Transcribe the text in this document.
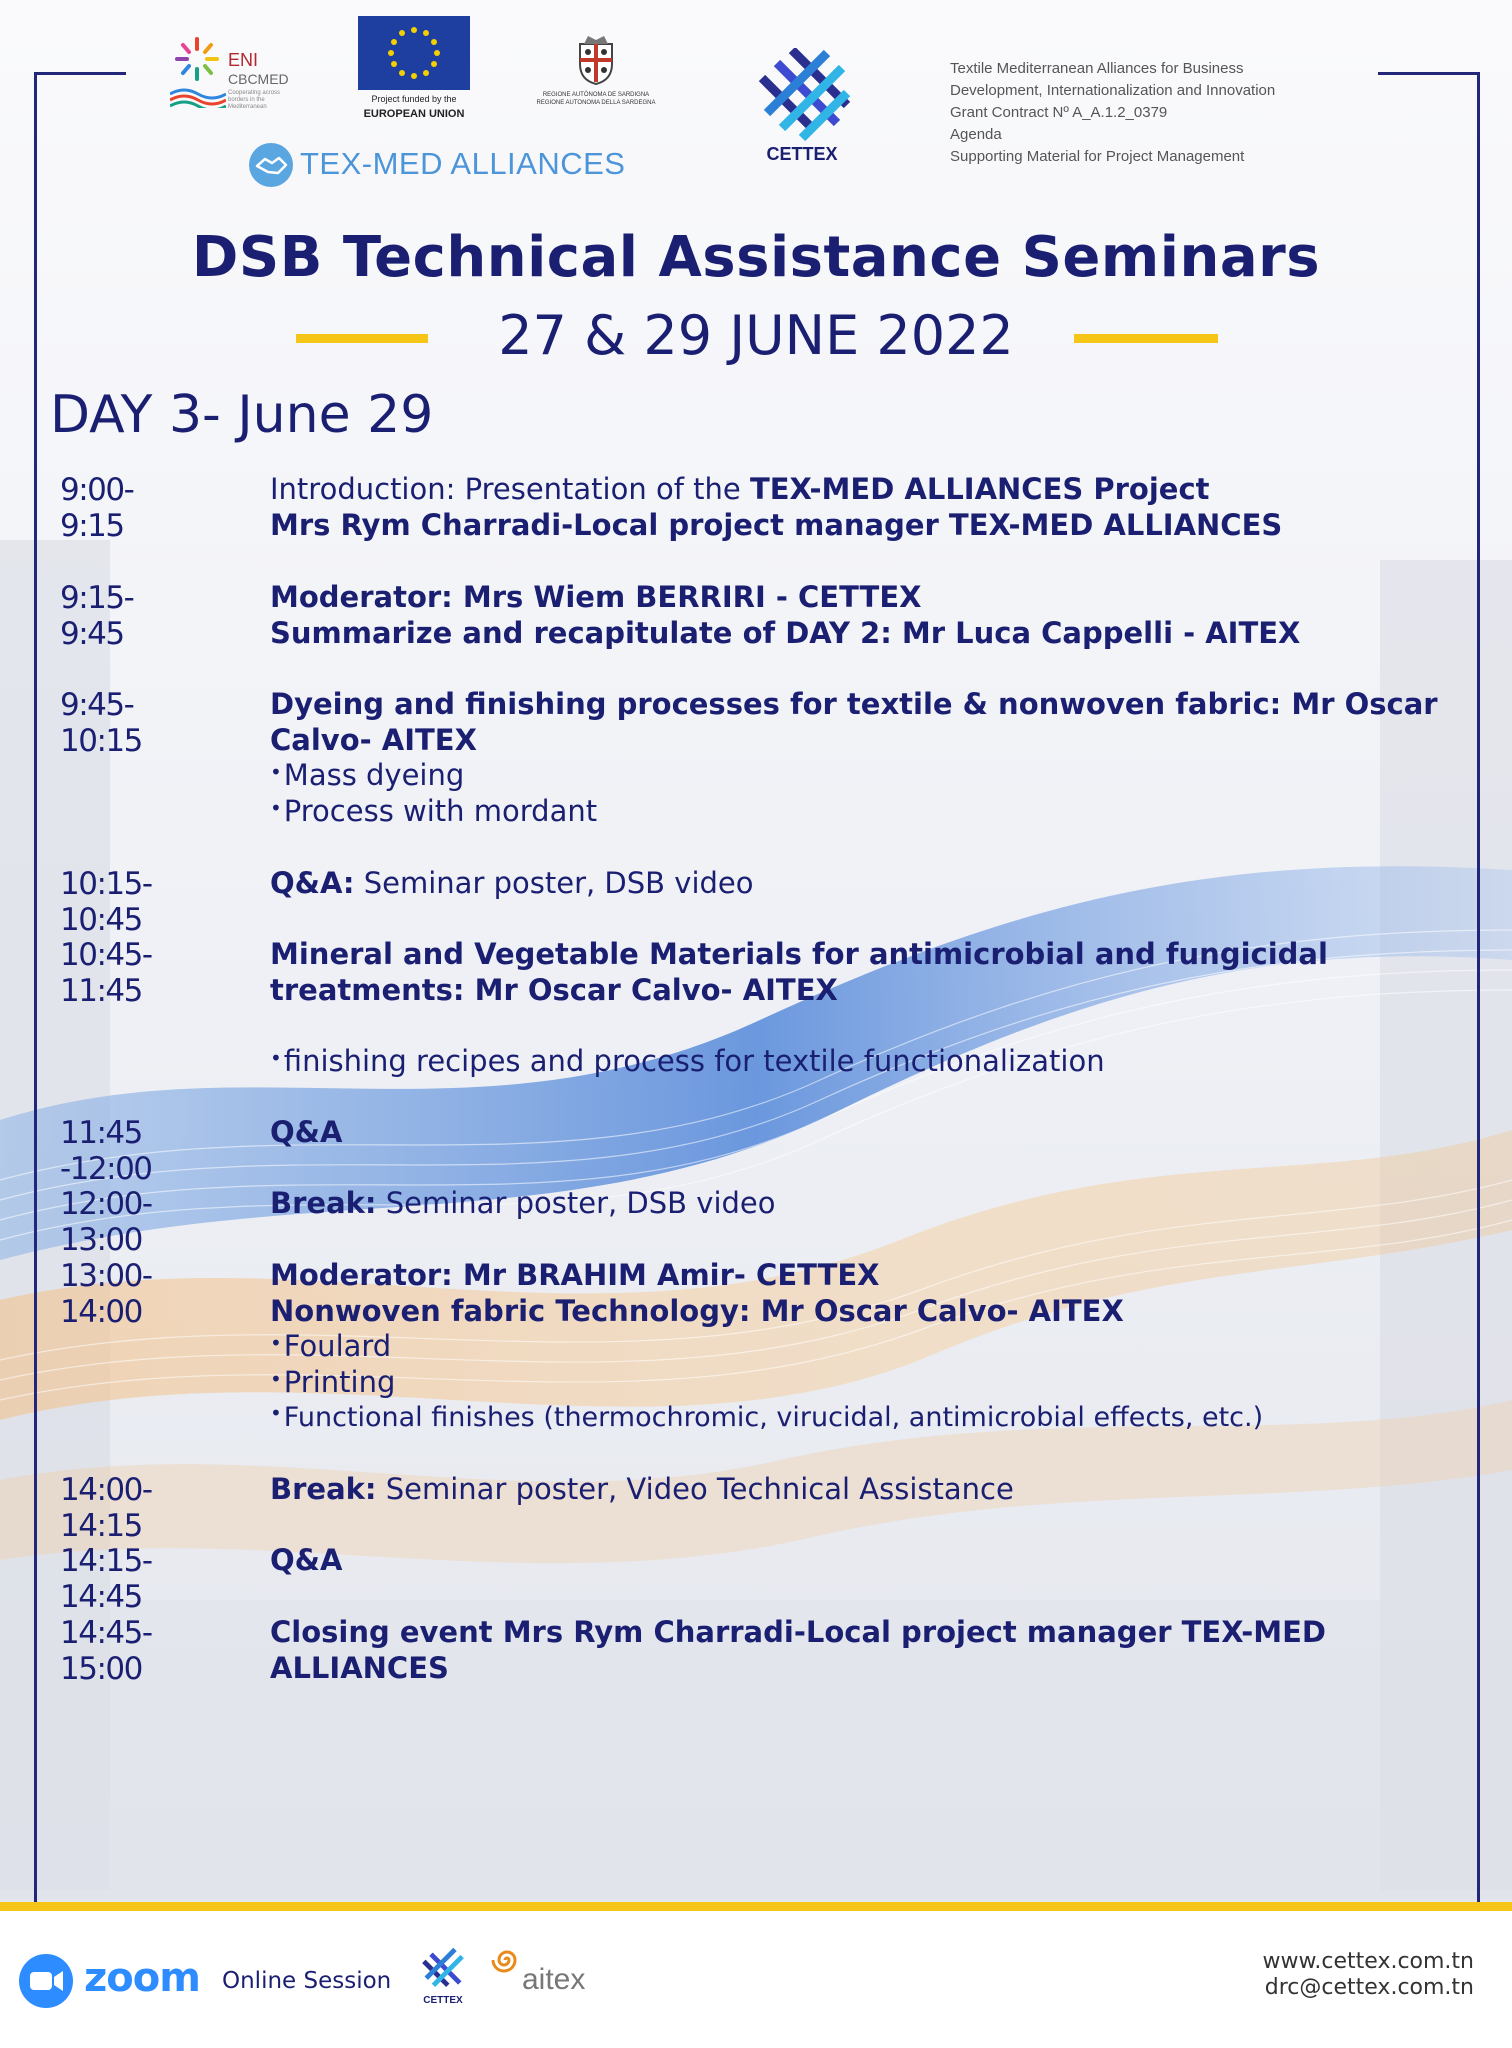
ENI
CBCMED
Cooperating across borders in the Mediterranean
Project funded by the
EUROPEAN UNION
REGIONE AUTÒNOMA DE SARDIGNA
REGIONE AUTONOMA DELLA SARDEGNA
TEX-MED ALLIANCES	CETTEX
Textile Mediterranean Alliances for Business
Development, Internationalization and Innovation
Grant Contract Nº A_A.1.2_0379
Agenda
Supporting Material for Project Management
DSB Technical Assistance Seminars
27 & 29 JUNE 2022
DAY 3- June 29
9:00-9:15
Introduction: Presentation of the TEX-MED ALLIANCES Project
Mrs Rym Charradi-Local project manager TEX-MED ALLIANCES
9:15-9:45
Moderator: Mrs Wiem BERRIRI - CETTEX
Summarize and recapitulate of DAY 2: Mr Luca Cappelli - AITEX
9:45-10:15
Dyeing and finishing processes for textile & nonwoven fabric: Mr Oscar
Calvo- AITEX
•Mass dyeing
•Process with mordant
10:15-10:45
Q&A: Seminar poster, DSB video
10:45-11:45
Mineral and Vegetable Materials for antimicrobial and fungicidal
treatments: Mr Oscar Calvo- AITEX
•finishing recipes and process for textile functionalization
11:45 -12:00
Q&A
12:00-13:00
Break: Seminar poster, DSB video
13:00-14:00
Moderator: Mr BRAHIM Amir- CETTEX
Nonwoven fabric Technology: Mr Oscar Calvo- AITEX
•Foulard
•Printing
•Functional finishes (thermochromic, virucidal, antimicrobial effects, etc.)
14:00-14:15
Break: Seminar poster, Video Technical Assistance
14:15-14:45
Q&A
14:45-15:00
Closing event Mrs Rym Charradi-Local project manager TEX-MED
ALLIANCES
zoom Online Session
CETTEX
aitex
www.cettex.com.tn
drc@cettex.com.tn
